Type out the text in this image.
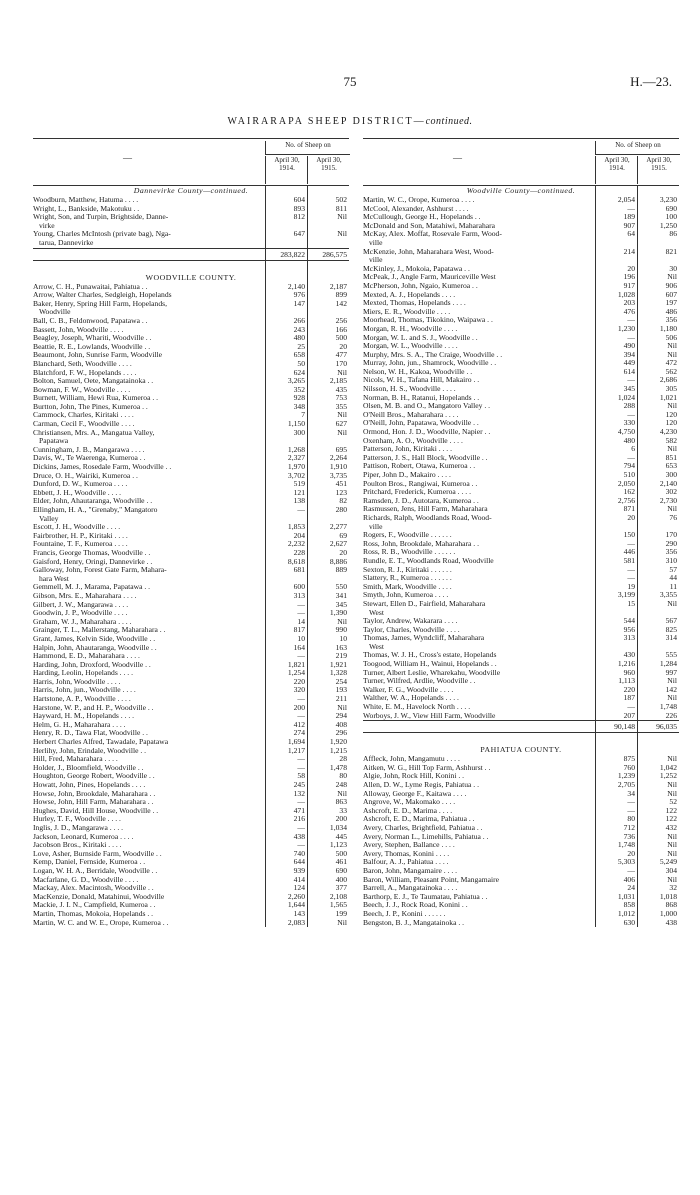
75	H.—23.
WAIRARAPA SHEEP DISTRICT—continued.
—
No. of Sheep on
April 30, 1914.
April 30, 1915.
Dannevirke County—continued.
Woodburn, Matthew, Hatuma . . . .	604	502
Wright, L., Bankside, Makotuku . .	893	811
Wright, Son, and Turpin, Brightside, Danne-	812	Nil
virke
Young, Charles McIntosh (private bag), Nga-	647	Nil
tarua, Dannevirke
283,822	286,575
WOODVILLE COUNTY.
Arrow, C. H., Punawaitai, Pahiatua . .	2,140	2,187
Arrow, Walter Charles, Sedgleigh, Hopelands	976	899
Baker, Henry, Spring Hill Farm, Hopelands,	147	142
Woodville
Ball, C. B., Feldonwood, Papatawa . .	266	256
Bassett, John, Woodville . . . .	243	166
Beagley, Joseph, Whariti, Woodville . .	480	500
Beattie, R. E., Lowlands, Woodville . .	25	20
Beaumont, John, Sunrise Farm, Woodville	658	477
Blanchard, Seth, Woodville . . . .	50	170
Blatchford, F. W., Hopelands . . . .	624	Nil
Bolton, Samuel, Oete, Mangatainoka . .	3,265	2,185
Bowman, F. W., Woodville . . . .	352	435
Burnett, William, Hewi Rua, Kumeroa . .	928	753
Burtton, John, The Pines, Kumeroa . .	348	355
Cammock, Charles, Kiritaki . . . .	7	Nil
Carman, Cecil F., Woodville . . . .	1,150	627
Christiansen, Mrs. A., Mangatua Valley,	300	Nil
Papatawa
Cunningham, J. B., Mangarawa . . . .	1,268	695
Davis, W., Te Waerenga, Kumeroa . .	2,327	2,264
Dickins, James, Rosedale Farm, Woodville . .	1,970	1,910
Druce, O. H., Wairiki, Kumeroa . .	3,702	3,735
Dunford, D. W., Kumeroa . . . .	519	451
Ebbett, J. H., Woodville . . . .	121	123
Elder, John, Ahautaranga, Woodville . .	138	82
Ellingham, H. A., "Grenaby," Mangatoro	—	280
Valley
Escott, J. H., Woodville . . . .	1,853	2,277
Fairbrother, H. P., Kiritaki . . . .	204	69
Fountaine, T. F., Kumeroa . . . .	2,232	2,627
Francis, George Thomas, Woodville . .	228	20
Gaisford, Henry, Oringi, Dannevirke . .	8,618	8,886
Galloway, John, Forest Gate Farm, Mahara-	681	889
hara West
Gemmell, M. J., Marama, Papatawa . .	600	550
Gibson, Mrs. E., Maharahara . . . .	313	341
Gilbert, J. W., Mangarawa . . . .	—	345
Goodwin, J. P., Woodville . . . .	—	1,390
Graham, W. J., Maharahara . . . .	14	Nil
Grainger, T. L., Mallerstang, Maharahara . .	817	990
Grant, James, Kelvin Side, Woodville . .	10	10
Halpin, John, Ahautaranga, Woodville . .	164	163
Hammond, E. D., Maharahara . . . .	—	219
Harding, John, Droxford, Woodville . .	1,821	1,921
Harding, Leolin, Hopelands . . . .	1,254	1,328
Harris, John, Woodville . . . .	220	254
Harris, John, jun., Woodville . . . .	320	193
Hartstone, A. P., Woodville . . . .	—	211
Harstone, W. P., and H. P., Woodville . .	200	Nil
Hayward, H. M., Hopelands . . . .	—	294
Helm, G. H., Maharahara . . . .	412	408
Henry, R. D., Tawa Flat, Woodville . .	274	296
Herbert Charles Alfred, Tawadale, Papatawa	1,694	1,920
Herlihy, John, Erindale, Woodville . .	1,217	1,215
Hill, Fred, Maharahara . . . .	—	28
Holder, J., Bloomfield, Woodville . .	—	1,478
Houghton, George Robert, Woodville . .	58	80
Howatt, John, Pines, Hopelands . . . .	245	248
Howse, John, Brookdale, Maharahara . .	132	Nil
Howse, John, Hill Farm, Maharahara . .	—	863
Hughes, David, Hill House, Woodville . .	471	33
Hurley, T. F., Woodville . . . .	216	200
Inglis, J. D., Mangarawa . . . .	—	1,034
Jackson, Leonard, Kumeroa . . . .	438	445
Jacobson Bros., Kiritaki . . . .	—	1,123
Love, Asher, Burnside Farm, Woodville . .	740	500
Kemp, Daniel, Fernside, Kumeroa . .	644	461
Logan, W. H. A., Berridale, Woodville . .	939	690
Macfarlane, G. D., Woodville . . . .	414	400
Mackay, Alex. Macintosh, Woodville . .	124	377
MacKenzie, Donald, Matahinui, Woodville	2,260	2,108
Mackie, J. I. N., Campfield, Kumeroa . .	1,644	1,565
Martin, Thomas, Mokoia, Hopelands . .	143	199
Martin, W. C. and W. E., Orope, Kumeroa . .	2,083	Nil
—
No. of Sheep on
April 30, 1914.
April 30, 1915.
Woodville County—continued.
Martin, W. C., Orope, Kumeroa . . . .	2,054	3,230
McCool, Alexander, Ashhurst . . . .	—	690
McCullough, George H., Hopelands . .	189	100
McDonald and Son, Matahiwi, Maharahara	907	1,250
McKay, Alex. Moffat, Rosevale Farm, Wood-	64	86
ville
McKenzie, John, Maharahara West, Wood-	214	821
ville
McKinley, J., Mokoia, Papatawa . .	20	30
McPeak, J., Angle Farm, Mauriceville West	196	Nil
McPherson, John, Ngaio, Kumeroa . .	917	906
Mexted, A. J., Hopelands . . . .	1,028	607
Mexted, Thomas, Hopelands . . . .	203	197
Miers, E. R., Woodville . . . .	476	486
Moorhead, Thomas, Tikokino, Waipawa . .	—	356
Morgan, R. H., Woodville . . . .	1,230	1,180
Morgan, W. L. and S. J., Woodville . .	—	506
Morgan, W. L., Woodville . . . .	490	Nil
Murphy, Mrs. S. A., The Craige, Woodville . .	394	Nil
Murray, John, jun., Shamrock, Woodville . .	449	472
Nelson, W. H., Kakoa, Woodville . .	614	562
Nicols, W. H., Tafana Hill, Makairo . .	—	2,686
Nilsson, H. S., Woodville . . . .	345	305
Norman, B. H., Ratanui, Hopelands . .	1,024	1,021
Olsen, M. B. and O., Mangatoro Valley . .	288	Nil
O'Neill Bros., Maharahara . . . .	—	120
O'Neill, John, Papatawa, Woodville . .	330	120
Ormond, Hon. J. D., Woodville, Napier . .	4,750	4,230
Oxenham, A. O., Woodville . . . .	480	582
Patterson, John, Kiritaki . . . .	6	Nil
Patterson, J. S., Hall Block, Woodville . .	—	851
Pattison, Robert, Otawa, Kumeroa . .	794	653
Piper, John D., Makairo . . . .	510	300
Poulton Bros., Rangiwai, Kumeroa . .	2,050	2,140
Pritchard, Frederick, Kumeroa . . . .	162	302
Ramsden, J. D., Autotara, Kumeroa . .	2,756	2,730
Rasmussen, Jens, Hill Farm, Maharahara	871	Nil
Richards, Ralph, Woodlands Road, Wood-	20	76
ville
Rogers, F., Woodville . . . . . .	150	170
Ross, John, Brookdale, Maharahara . .	—	290
Ross, R. B., Woodville . . . . . .	446	356
Rundle, E. T., Woodlands Road, Woodville	581	310
Sexton, R. J., Kiritaki . . . . . .	—	57
Slattery, R., Kumeroa . . . . . .	—	44
Smith, Mark, Woodville . . . .	19	11
Smyth, John, Kumeroa . . . .	3,199	3,355
Stewart, Ellen D., Fairfield, Maharahara	15	Nil
West
Taylor, Andrew, Wakarara . . . .	544	567
Taylor, Charles, Woodville . . . .	956	825
Thomas, James, Wyndcliff, Maharahara	313	314
West
Thomas, W. J. H., Cross's estate, Hopelands	430	555
Toogood, William H., Wainui, Hopelands . .	1,216	1,284
Turner, Albert Leslie, Wharekahu, Woodville	960	997
Turner, Wilfred, Ardlie, Woodville . .	1,113	Nil
Walker, F. G., Woodville . . . .	220	142
Walther, W. A., Hopelands . . . .	187	Nil
White, E. M., Havelock North . . . .	—	1,748
Worboys, J. W., View Hill Farm, Woodville	207	226
90,148	96,035
PAHIATUA COUNTY.
Affleck, John, Mangamutu . . . .	875	Nil
Aitken, W. G., Hill Top Farm, Ashhurst . .	760	1,042
Algie, John, Rock Hill, Konini . .	1,239	1,252
Allen, D. W., Lyme Regis, Pahiatua . .	2,705	Nil
Alloway, George F., Kaitawa . . . .	34	Nil
Angrove, W., Makomako . . . .	—	52
Ashcroft, E. D., Marima . . . .	—	122
Ashcroft, E. D., Marima, Pahiatua . .	80	122
Avery, Charles, Brightfield, Pahiatua . .	712	432
Avery, Norman L., Limehills, Pahiatua . .	736	Nil
Avery, Stephen, Ballance . . . .	1,748	Nil
Avery, Thomas, Konini . . . .	20	Nil
Balfour, A. J., Pahiatua . . . .	5,303	5,249
Baron, John, Mangamaire . . . .	—	304
Baron, William, Pleasant Point, Mangamaire	406	Nil
Barrell, A., Mangatainoka . . . .	24	32
Barthorp, E. J., Te Taumatau, Pahiatua . .	1,031	1,018
Beech, J. J., Rock Road, Konini . .	858	868
Beech, J. P., Konini . . . . . .	1,012	1,000
Bengston, B. J., Mangatainoka . .	630	438
